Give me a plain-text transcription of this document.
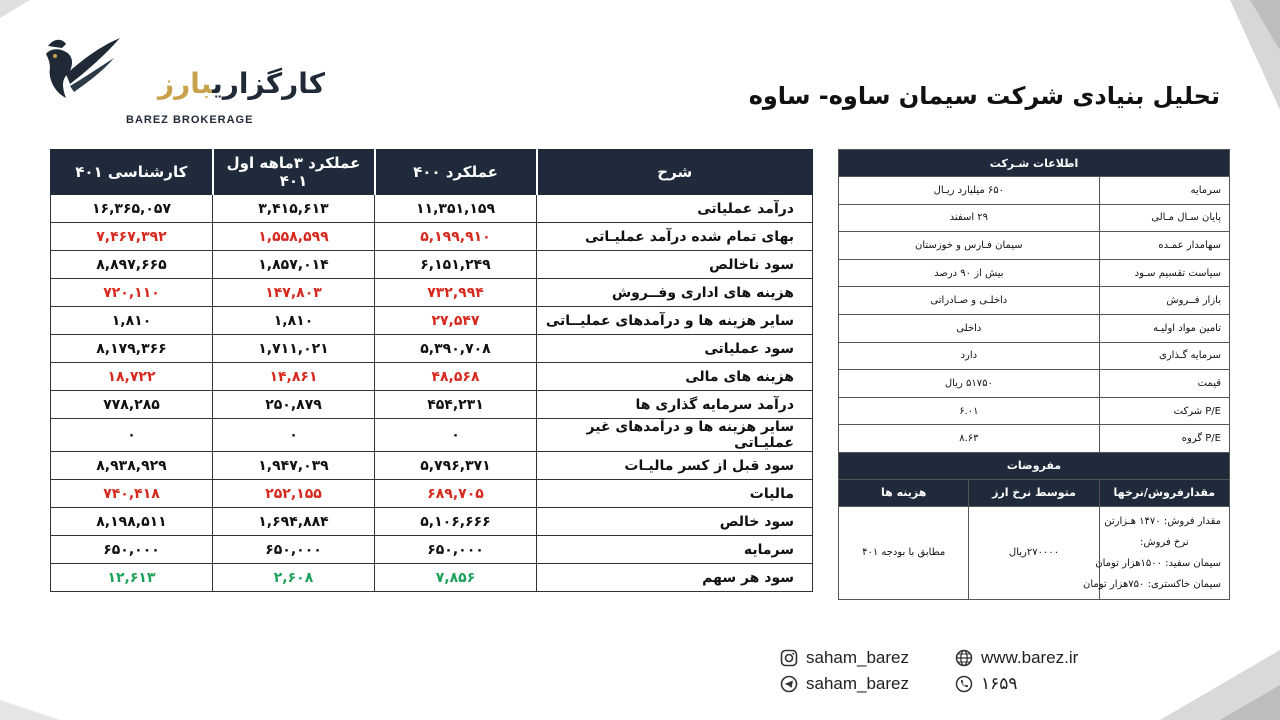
کارگزاریبارز
BAREZ BROKERAGE
تحلیل بنیادی شرکت سیمان ساوه- ساوه
شرح	عملکرد ۴۰۰	عملکرد ۳ماهه اول ۴۰۱	کارشناسی ۴۰۱
درآمد عملیاتی	۱۱,۳۵۱,۱۵۹	۳,۴۱۵,۶۱۳	۱۶,۳۶۵,۰۵۷
بهای تمام شده درآمد عملیـاتی	۵,۱۹۹,۹۱۰	۱,۵۵۸,۵۹۹	۷,۴۶۷,۳۹۲
سود ناخالص	۶,۱۵۱,۲۴۹	۱,۸۵۷,۰۱۴	۸,۸۹۷,۶۶۵
هزینه های اداری وفــروش	۷۳۲,۹۹۴	۱۴۷,۸۰۳	۷۲۰,۱۱۰
سایر هزینه ها و درآمدهای عملیــاتی	۲۷,۵۴۷	۱,۸۱۰	۱,۸۱۰
سود عملیاتی	۵,۳۹۰,۷۰۸	۱,۷۱۱,۰۲۱	۸,۱۷۹,۳۶۶
هزینه های مالی	۴۸,۵۶۸	۱۴,۸۶۱	۱۸,۷۲۲
درآمد سرمایه گذاری ها	۴۵۴,۲۳۱	۲۵۰,۸۷۹	۷۷۸,۲۸۵
سایر هزینه ها و درآمدهای غیر عملیـاتی	۰	۰	۰
سود قبل از کسر مالیـات	۵,۷۹۶,۳۷۱	۱,۹۴۷,۰۳۹	۸,۹۳۸,۹۲۹
مالیات	۶۸۹,۷۰۵	۲۵۲,۱۵۵	۷۴۰,۴۱۸
سود خالص	۵,۱۰۶,۶۶۶	۱,۶۹۴,۸۸۴	۸,۱۹۸,۵۱۱
سرمایه	۶۵۰,۰۰۰	۶۵۰,۰۰۰	۶۵۰,۰۰۰
سود هر سهم	۷,۸۵۶	۲,۶۰۸	۱۲,۶۱۳
اطلاعات شـرکت		
سرمایه	۶۵۰ میلیارد ریـال	
پایان سـال مـالی	۲۹ اسفند	
سهامدار عمـده	سیمان فـارس و خوزستان	
سیاست تقسیم سـود	بیش از ۹۰ درصد	
بازار فــروش	داخلـی و صـادراتی	
تامین مواد اولیـه	داخلی	
سرمایه گـذاری	دارد	
قیمت	۵۱۷۵۰ ریال	
P/E شرکت	۶.۰۱	
P/E گروه	۸.۶۳	
مفروضات		
مقدارفروش/نرخها	متوسط نرخ ارز	هزینه ها

مقدار فروش: ۱۴۷۰ هـزارتن
نرخ فروش:
سیمان سفید: ۱۵۰۰هزار تومان
سیمان خاکستری: ۷۵۰هزار تومان	۲۷۰۰۰۰ریال	مطابق با بودجه ۴۰۱
saham_barez
saham_barez
www.barez.ir
۱۶۵۹
